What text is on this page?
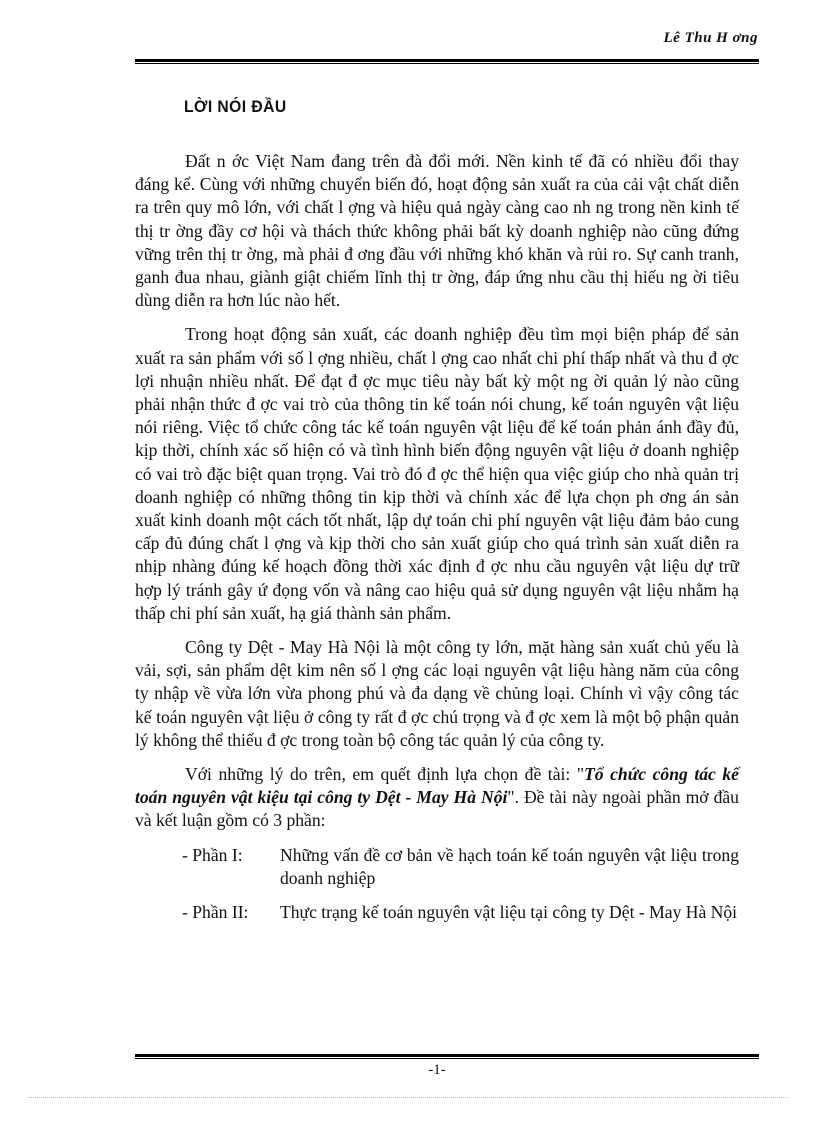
Lê Thu H ơng
LỜI NÓI ĐẦU

Đất n ớc Việt Nam đang trên đà đổi mới. Nền kinh tế đã có nhiều đổi thay đáng kể. Cùng với những chuyển biến đó, hoạt động sản xuất ra của cải vật chất diễn ra trên quy mô lớn, với chất l ợng và hiệu quả ngày càng cao nh ng trong nền kinh tế thị tr ờng đầy cơ hội và thách thức không phải bất kỳ doanh nghiệp nào cũng đứng vững trên thị tr ờng, mà phải đ ơng đầu với những khó khăn và rủi ro. Sự canh tranh, ganh đua nhau, giành giật chiếm lĩnh thị tr ờng, đáp ứng nhu cầu thị hiếu ng ời tiêu dùng diễn ra hơn lúc nào hết.

Trong hoạt động sản xuất, các doanh nghiệp đều tìm mọi biện pháp để sản xuất ra sản phẩm với số l ợng nhiều, chất l ợng cao nhất chi phí thấp nhất và thu đ ợc lợi nhuận nhiều nhất. Để đạt đ ợc mục tiêu này bất kỳ một ng ời quản lý nào cũng phải nhận thức đ ợc vai trò của thông tin kế toán nói chung, kế toán nguyên vật liệu nói riêng. Việc tổ chức công tác kế toán nguyên vật liệu để kế toán phản ánh đầy đủ, kịp thời, chính xác số hiện có và tình hình biến động nguyên vật liệu ở doanh nghiệp có vai trò đặc biệt quan trọng. Vai trò đó đ ợc thể hiện qua việc giúp cho nhà quản trị doanh nghiệp có những thông tin kịp thời và chính xác để lựa chọn ph ơng án sản xuất kinh doanh một cách tốt nhất, lập dự toán chi phí nguyên vật liệu đảm bảo cung cấp đủ đúng chất l ợng và kịp thời cho sản xuất giúp cho quá trình sản xuất diễn ra nhịp nhàng đúng kế hoạch đồng thời xác định đ ợc nhu cầu nguyên vật liệu dự trữ hợp lý tránh gây ứ đọng vốn và nâng cao hiệu quả sử dụng nguyên vật liệu nhằm hạ thấp chi phí sản xuất, hạ giá thành sản phẩm.

Công ty Dệt - May Hà Nội là một công ty lớn, mặt hàng sản xuất chủ yếu là vải, sợi, sản phẩm dệt kim nên số l ợng các loại nguyên vật liệu hàng năm của công ty nhập về vừa lớn vừa phong phú và đa dạng về chủng loại. Chính vì vậy công tác kế toán nguyên vật liệu ở công ty rất đ ợc chú trọng và đ ợc xem là một bộ phận quản lý không thể thiếu đ ợc trong toàn bộ công tác quản lý của công ty.

Với những lý do trên, em quết định lựa chọn đề tài: "Tổ chức công tác kế toán nguyên vật kiệu tại công ty Dệt - May Hà Nội". Đề tài này ngoài phần mở đầu và kết luận gồm có 3 phần:

- Phần I:	Những vấn đề cơ bản về hạch toán kế toán nguyên vật liệu trong doanh nghiệp
- Phần II:	Thực trạng kế toán nguyên vật liệu tại công ty Dệt - May Hà Nội
-1-
